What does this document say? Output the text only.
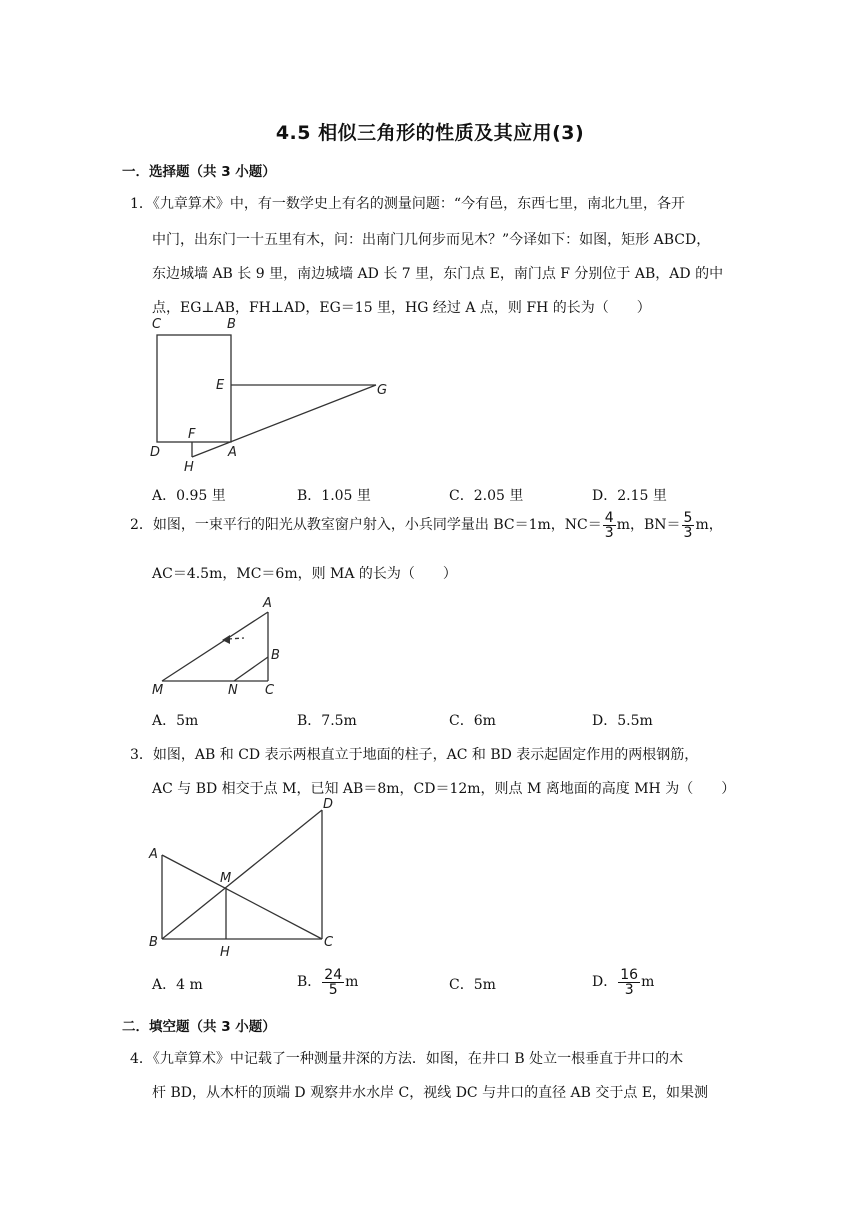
4.5 相似三角形的性质及其应用(3)
一．选择题（共 3 小题）
1．《九章算术》中，有一数学史上有名的测量问题：“今有邑，东西七里，南北九里，各开
中门，出东门一十五里有木，问：出南门几何步而见木？”今译如下：如图，矩形 ABCD，
东边城墙 AB 长 9 里，南边城墙 AD 长 7 里，东门点 E，南门点 F 分别位于 AB，AD 的中
点，EG⊥AB，FH⊥AD，EG＝15 里，HG 经过 A 点，则 FH 的长为（　　）
C	B
E	G
F
D
H
A
A．0.95 里	B．1.05 里	C．2.05 里	D．2.15 里
2．如图，一束平行的阳光从教室窗户射入，小兵同学量出 BC＝1m，$NC= \frac{4}{3}$ m，$BN= \frac{5}{3}$ m，
AC＝4.5m，MC＝6m，则 MA 的长为（　　）
A
B
M	N C
A．5m	B．7.5m	C．6m	D．5.5m
3．如图，AB 和 CD 表示两根直立于地面的柱子，AC 和 BD 表示起固定作用的两根钢筋，
AC 与 BD 相交于点 M，已知 AB＝8m，CD＝12m，则点 M 离地面的高度 MH 为（　　）
D
A
M
B
H
C
A．4 m	B． $\frac{24}{5}$ m	C．5m	D． $\frac{16}{3}$ m
二．填空题（共 3 小题）
4．《九章算术》中记载了一种测量井深的方法．如图，在井口 B 处立一根垂直于井口的木
杆 BD，从木杆的顶端 D 观察井水水岸 C，视线 DC 与井口的直径 AB 交于点 E，如果测
